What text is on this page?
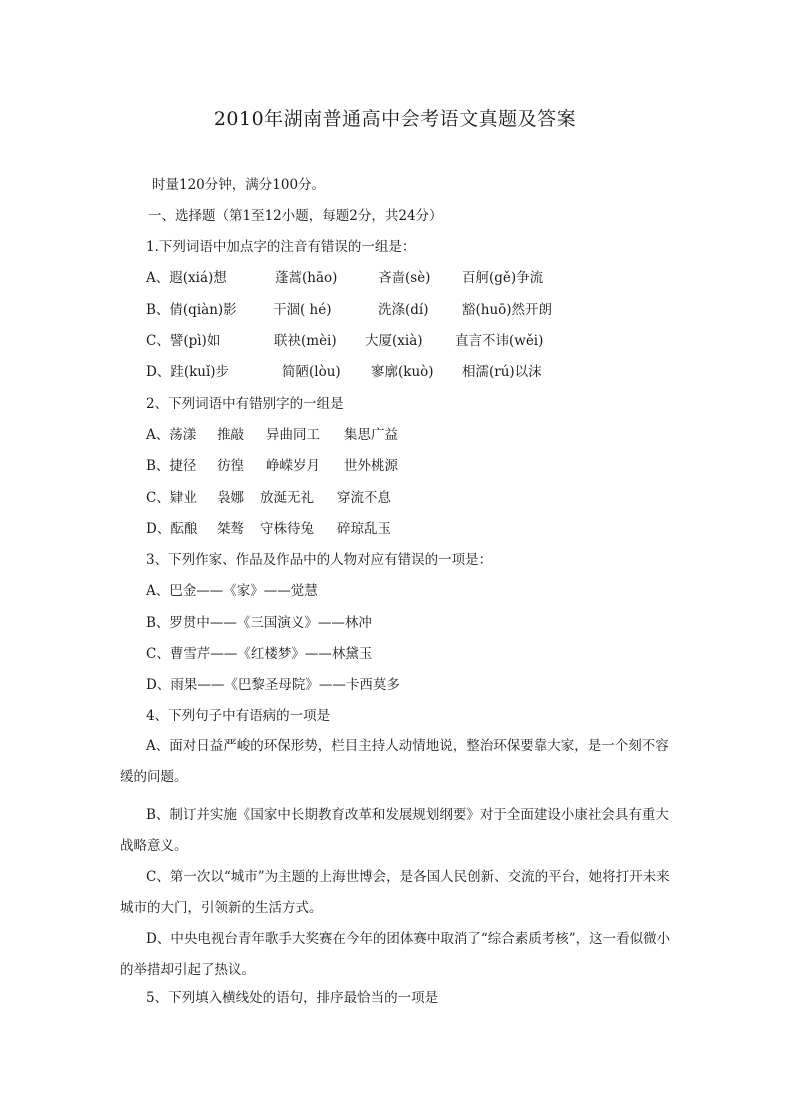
2010年湖南普通高中会考语文真题及答案
时量120分钟，满分100分。
一、选择题（第1至12小题，每题2分，共24分）
1.下列词语中加点字的注音有错误的一组是：
A、遐(xiá)想	蓬蒿(hāo)	吝啬(sè) 百舸(gě)争流
B、倩(qiàn)影	干涸( hé)	洗涤(dí) 豁(huō)然开朗
C、譬(pì)如	联袂(mèi) 大厦(xià) 直言不讳(wěi)
D、跬(kuǐ)步	简陋(lòu) 寥廓(kuò) 相濡(rú)以沫
2、下列词语中有错别字的一组是
A、荡漾 推敲 异曲同工 集思广益
B、捷径 彷徨 峥嵘岁月 世外桃源
C、肄业 袅娜 放涎无礼 穿流不息
D、酝酿 桀骜 守株待兔 碎琼乱玉
3、下列作家、作品及作品中的人物对应有错误的一项是：
A、巴金——《家》——觉慧
B、罗贯中——《三国演义》——林冲
C、曹雪芹——《红楼梦》——林黛玉
D、雨果——《巴黎圣母院》——卡西莫多
4、下列句子中有语病的一项是
A、面对日益严峻的环保形势，栏目主持人动情地说，整治环保要靠大家，是一个刻不容缓的问题。
B、制订并实施《国家中长期教育改革和发展规划纲要》对于全面建设小康社会具有重大战略意义。
C、第一次以“城市”为主题的上海世博会，是各国人民创新、交流的平台，她将打开未来城市的大门，引领新的生活方式。
D、中央电视台青年歌手大奖赛在今年的团体赛中取消了“综合素质考核”，这一看似微小的举措却引起了热议。
5、下列填入横线处的语句，排序最恰当的一项是
